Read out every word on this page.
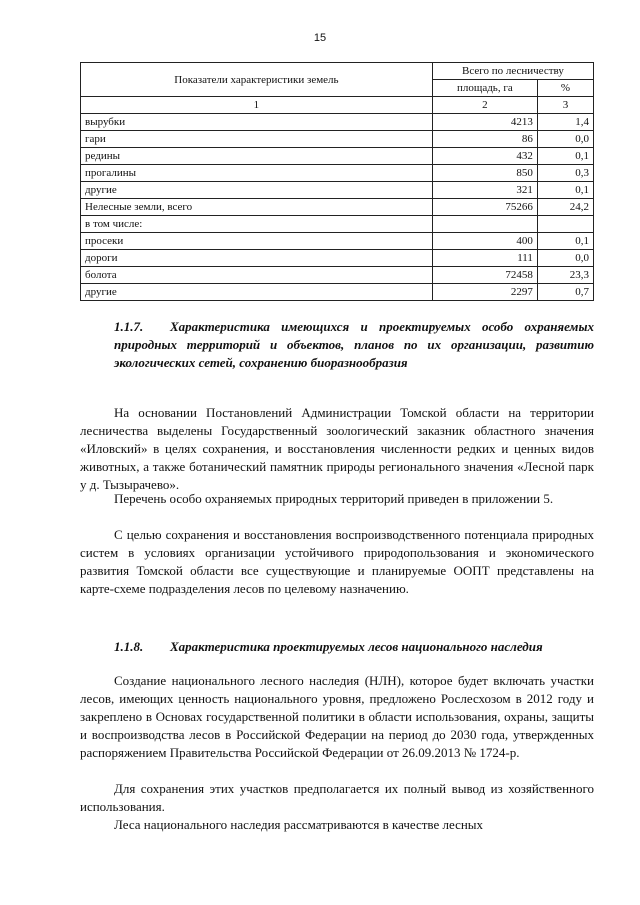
15
Показатели характеристики земель	Всего по лесничеству	
	площадь, га	%
1	2	3
вырубки	4213	1,4
гари	86	0,0
редины	432	0,1
прогалины	850	0,3
другие	321	0,1
Нелесные земли, всего	75266	24,2
в том числе:		
просеки	400	0,1
дороги	111	0,0
болота	72458	23,3
другие	2297	0,7
1.1.7. Характеристика имеющихся и проектируемых особо охраняемых природных территорий и объектов, планов по их организации, развитию экологических сетей, сохранению биоразнообразия

На основании Постановлений Администрации Томской области на территории лесничества выделены Государственный зоологический заказник областного значения «Иловский» в целях сохранения, и восстановления численности редких и ценных видов животных, а также ботанический памятник природы регионального значения «Лесной парк у д. Тызырачево».

Перечень особо охраняемых природных территорий приведен в приложении 5.

С целью сохранения и восстановления воспроизводственного потенциала природных систем в условиях организации устойчивого природопользования и экономического развития Томской области все существующие и планируемые ООПТ представлены на карте-схеме подразделения лесов по целевому назначению.

1.1.8. Характеристика проектируемых лесов национального наследия

Создание национального лесного наследия (НЛН), которое будет включать участки лесов, имеющих ценность национального уровня, предложено Рослесхозом в 2012 году и закреплено в Основах государственной политики в области использования, охраны, защиты и воспроизводства лесов в Российской Федерации на период до 2030 года, утвержденных распоряжением Правительства Российской Федерации от 26.09.2013 № 1724-р.

Для сохранения этих участков предполагается их полный вывод из хозяйственного использования.

Леса национального наследия рассматриваются в качестве лесных
